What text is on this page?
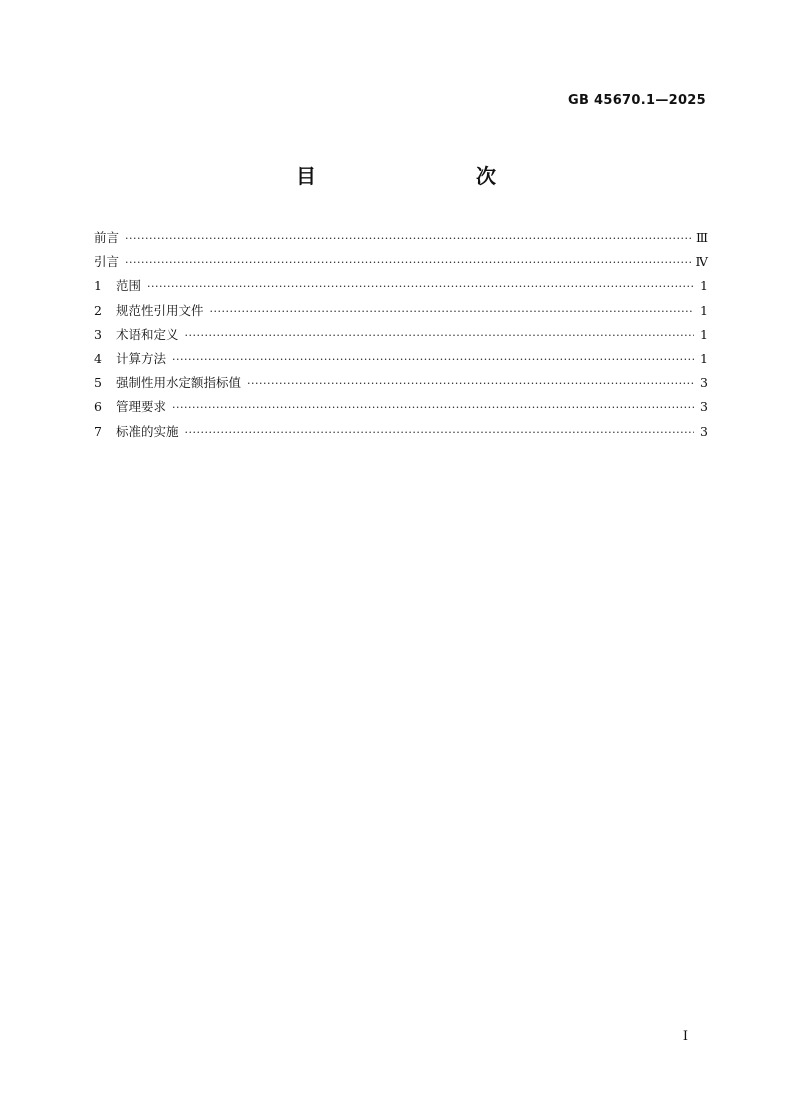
GB 45670.1—2025
目　　次
前言 ·····	Ⅲ
引言 ·····	Ⅳ
1	范围 ·····	1
2	规范性引用文件 ·····	1
3	术语和定义 ·····	1
4	计算方法 ·····	1
5	强制性用水定额指标值 ·····	3
6	管理要求 ·····	3
7	标准的实施 ·····	3
I
